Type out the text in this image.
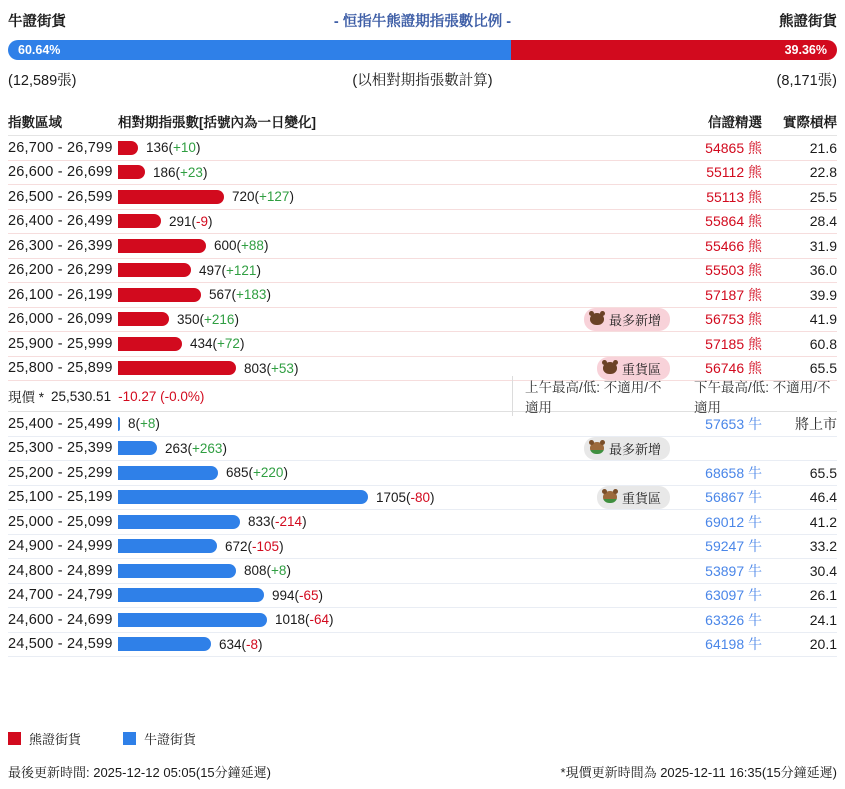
牛證街貨	- 恒指牛熊證期指張數比例 -	熊證街貨
60.64%	39.36%
(12,589張)	(以相對期指張數計算)	(8,171張)
指數區域	相對期指張數[括號內為一日變化]	信證精選	實際槓桿
26,700 - 26,799	136(+10)	54865 熊	21.6
26,600 - 26,699	186(+23)	55112 熊	22.8
26,500 - 26,599	720(+127)	55113 熊	25.5
26,400 - 26,499	291(-9)	55864 熊	28.4
26,300 - 26,399	600(+88)	55466 熊	31.9
26,200 - 26,299	497(+121)	55503 熊	36.0
26,100 - 26,199	567(+183)	57187 熊	39.9
26,000 - 26,099	350(+216)	最多新增	56753 熊	41.9
25,900 - 25,999	434(+72)	57185 熊	60.8
25,800 - 25,899	803(+53)	重貨區	56746 熊	65.5
現價 * 25,530.51 -10.27 (-0.0%)
上午最高/低: 不適用/不適用
下午最高/低: 不適用/不適用
25,400 - 25,499	8(+8)	57653 牛	將上市
25,300 - 25,399	263(+263)	最多新增
25,200 - 25,299	685(+220)	68658 牛	65.5
25,100 - 25,199	1705(-80)	重貨區	56867 牛	46.4
25,000 - 25,099	833(-214)	69012 牛	41.2
24,900 - 24,999	672(-105)	59247 牛	33.2
24,800 - 24,899	808(+8)	53897 牛	30.4
24,700 - 24,799	994(-65)	63097 牛	26.1
24,600 - 24,699	1018(-64)	63326 牛	24.1
24,500 - 24,599	634(-8)	64198 牛	20.1
熊證街貨	牛證街貨
最後更新時間: 2025-12-12 05:05(15分鐘延遲)	*現價更新時間為 2025-12-11 16:35(15分鐘延遲)
